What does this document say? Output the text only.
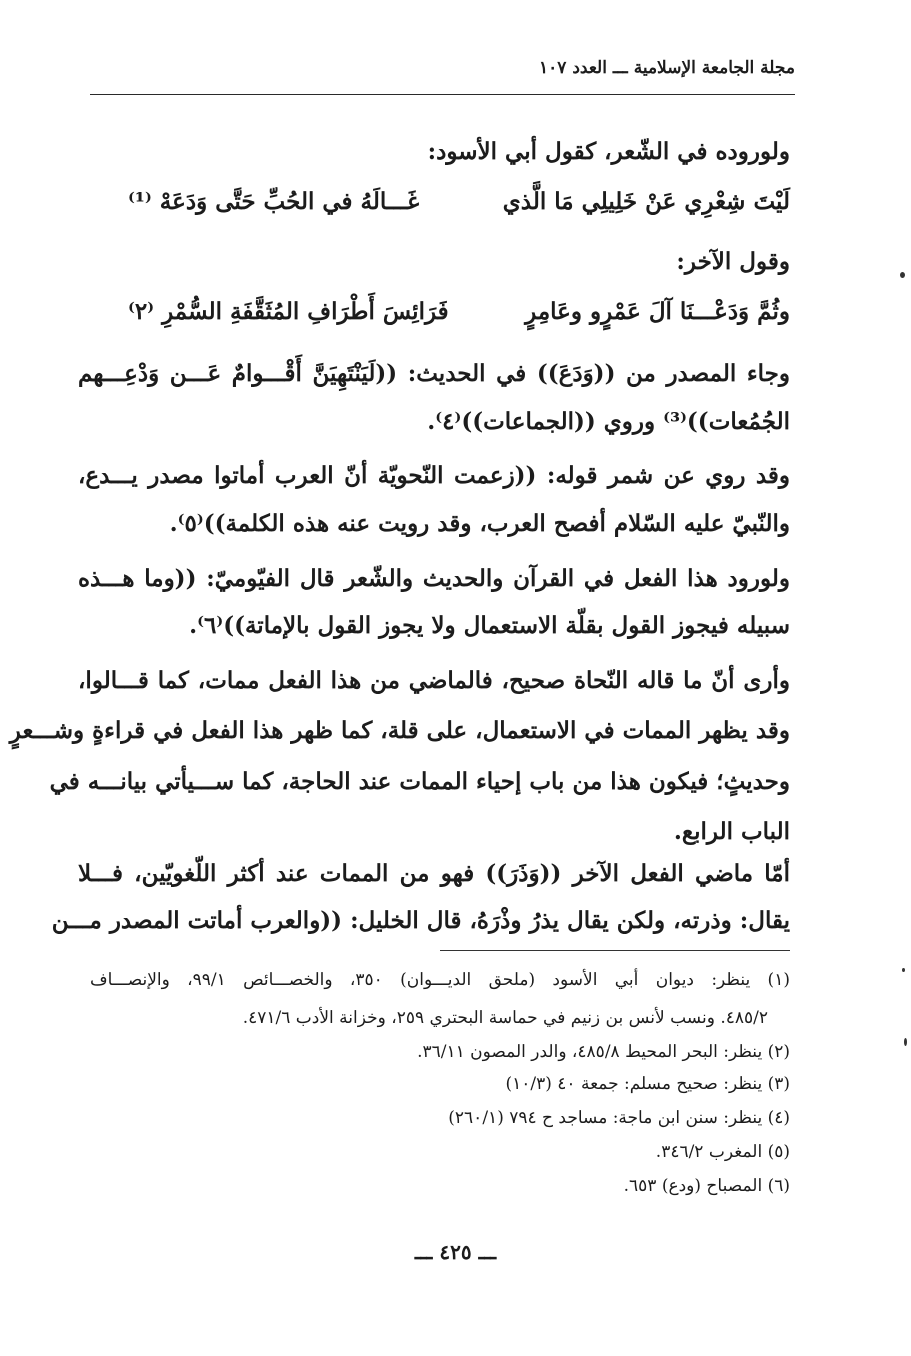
مجلة الجامعة الإسلامية ـــ العدد ١٠٧
ولوروده في الشّعر، كقول أبي الأسود:
لَيْتَ شِعْرِي عَنْ خَلِيلِي مَا الَّذي
غَـــالَهُ في الحُبِّ حَتَّى وَدَعَهْ ⁽¹⁾
وقول الآخر:
وثُمَّ وَدَعْـــنَا آلَ عَمْرٍو وعَامِرٍ
فَرَائِسَ أَطْرَافِ المُثَقَّفَةِ السُّمْرِ ⁽٢⁾
وجاء المصدر من ((وَدَعَ)) في الحديث: ((لَيَنْتَهِيَنَّ أَقْـــوامٌ عَـــن وَدْعِـــهم
الجُمُعات))⁽³⁾ وروي ((الجماعات))⁽٤⁾.
وقد روي عن شمر قوله: ((زعمت النّحويّة أنّ العرب أماتوا مصدر يـــدع،
والنّبيّ عليه السّلام أفصح العرب، وقد رويت عنه هذه الكلمة))⁽٥⁾.
ولورود هذا الفعل في القرآن والحديث والشّعر قال الفيّوميّ: ((وما هـــذه
سبيله فيجوز القول بقلّة الاستعمال ولا يجوز القول بالإماتة))⁽٦⁾.
وأرى أنّ ما قاله النّحاة صحيح، فالماضي من هذا الفعل ممات، كما قـــالوا،
وقد يظهر الممات في الاستعمال، على قلة، كما ظهر هذا الفعل في قراءةٍ وشـــعرٍ
وحديثٍ؛ فيكون هذا من باب إحياء الممات عند الحاجة، كما ســـيأتي بيانـــه في
الباب الرابع.
أمّا ماضي الفعل الآخر ((وَذَرَ)) فهو من الممات عند أكثر اللّغويّين، فـــلا
يقال: وذرته، ولكن يقال يذرُ وذْرَهُ، قال الخليل: ((والعرب أماتت المصدر مـــن
(١) ينظر: ديوان أبي الأسود (ملحق الديـــوان) ٣٥٠، والخصـــائص ٩٩/١، والإنصـــاف
٤٨٥/٢. ونسب لأنس بن زنيم في حماسة البحتري ٢٥٩، وخزانة الأدب ٤٧١/٦.
(٢) ينظر: البحر المحيط ٤٨٥/٨، والدر المصون ٣٦/١١.
(٣) ينظر: صحيح مسلم: جمعة ٤٠ (١٠/٣)
(٤) ينظر: سنن ابن ماجة: مساجد ح ٧٩٤ (٢٦٠/١)
(٥) المغرب ٣٤٦/٢.
(٦) المصباح (ودع) ٦٥٣.
ـــ ٤٢٥ ـــ
